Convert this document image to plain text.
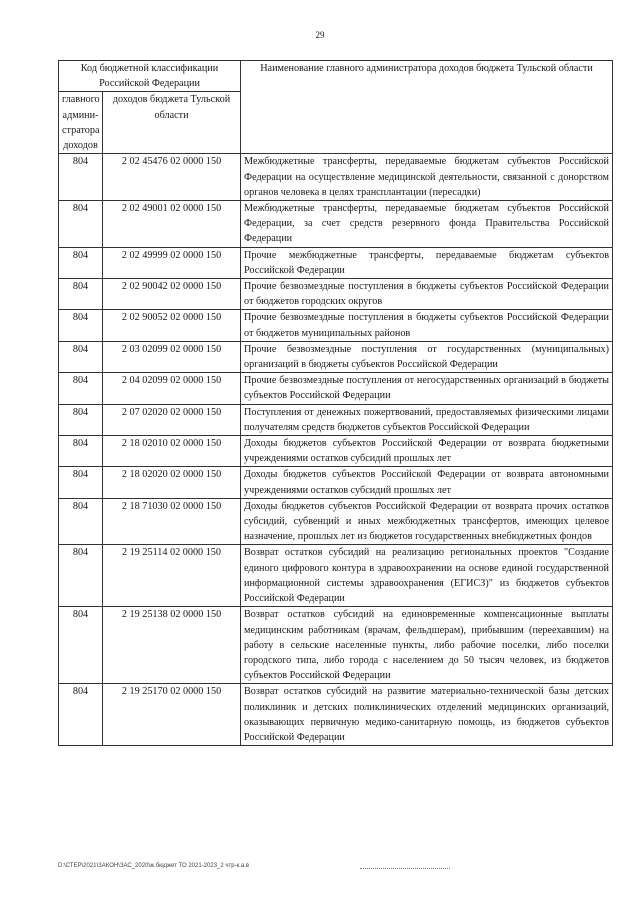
29
Код бюджетной классификации Российской Федерации		Наименование главного администратора доходов бюджета Тульской области
главного админи-стратора доходов	доходов бюджета Тульской области	
804	2 02 45476 02 0000 150	Межбюджетные трансферты, передаваемые бюджетам субъектов Российской Федерации на осуществление медицинской деятельности, связанной с донорством органов человека в целях трансплантации (пересадки)
804	2 02 49001 02 0000 150	Межбюджетные трансферты, передаваемые бюджетам субъектов Российской Федерации, за счет средств резервного фонда Правительства Российской Федерации
804	2 02 49999 02 0000 150	Прочие межбюджетные трансферты, передаваемые бюджетам субъектов Российской Федерации
804	2 02 90042 02 0000 150	Прочие безвозмездные поступления в бюджеты субъектов Российской Федерации от бюджетов городских округов
804	2 02 90052 02 0000 150	Прочие безвозмездные поступления в бюджеты субъектов Российской Федерации от бюджетов муниципальных районов
804	2 03 02099 02 0000 150	Прочие безвозмездные поступления от государственных (муниципальных) организаций в бюджеты субъектов Российской Федерации
804	2 04 02099 02 0000 150	Прочие безвозмездные поступления от негосударственных организаций в бюджеты субъектов Российской Федерации
804	2 07 02020 02 0000 150	Поступления от денежных пожертвований, предоставляемых физическими лицами получателям средств бюджетов субъектов Российской Федерации
804	2 18 02010 02 0000 150	Доходы бюджетов субъектов Российской Федерации от возврата бюджетными учреждениями остатков субсидий прошлых лет
804	2 18 02020 02 0000 150	Доходы бюджетов субъектов Российской Федерации от возврата автономными учреждениями остатков субсидий прошлых лет
804	2 18 71030 02 0000 150	Доходы бюджетов субъектов Российской Федерации от возврата прочих остатков субсидий, субвенций и иных межбюджетных трансфертов, имеющих целевое назначение, прошлых лет из бюджетов государственных внебюджетных фондов
804	2 19 25114 02 0000 150	Возврат остатков субсидий на реализацию региональных проектов "Создание единого цифрового контура в здравоохранении на основе единой государственной информационной системы здравоохранения (ЕГИСЗ)" из бюджетов субъектов Российской Федерации
804	2 19 25138 02 0000 150	Возврат остатков субсидий на единовременные компенсационные выплаты медицинским работникам (врачам, фельдшерам), прибывшим (переехавшим) на работу в сельские населенные пункты, либо рабочие поселки, либо поселки городского типа, либо города с населением до 50 тысяч человек, из бюджетов субъектов Российской Федерации
804	2 19 25170 02 0000 150	Возврат остатков субсидий на развитие материально-технической базы детских поликлиник и детских поликлинических отделений медицинских организаций, оказывающих первичную медико-санитарную помощь, из бюджетов субъектов Российской Федерации
D:\СТЕР\2021\ЗАКОН\ЗАС_2020\ж.бюджет ТО 2021-2023_2 чтр-к.а.в
